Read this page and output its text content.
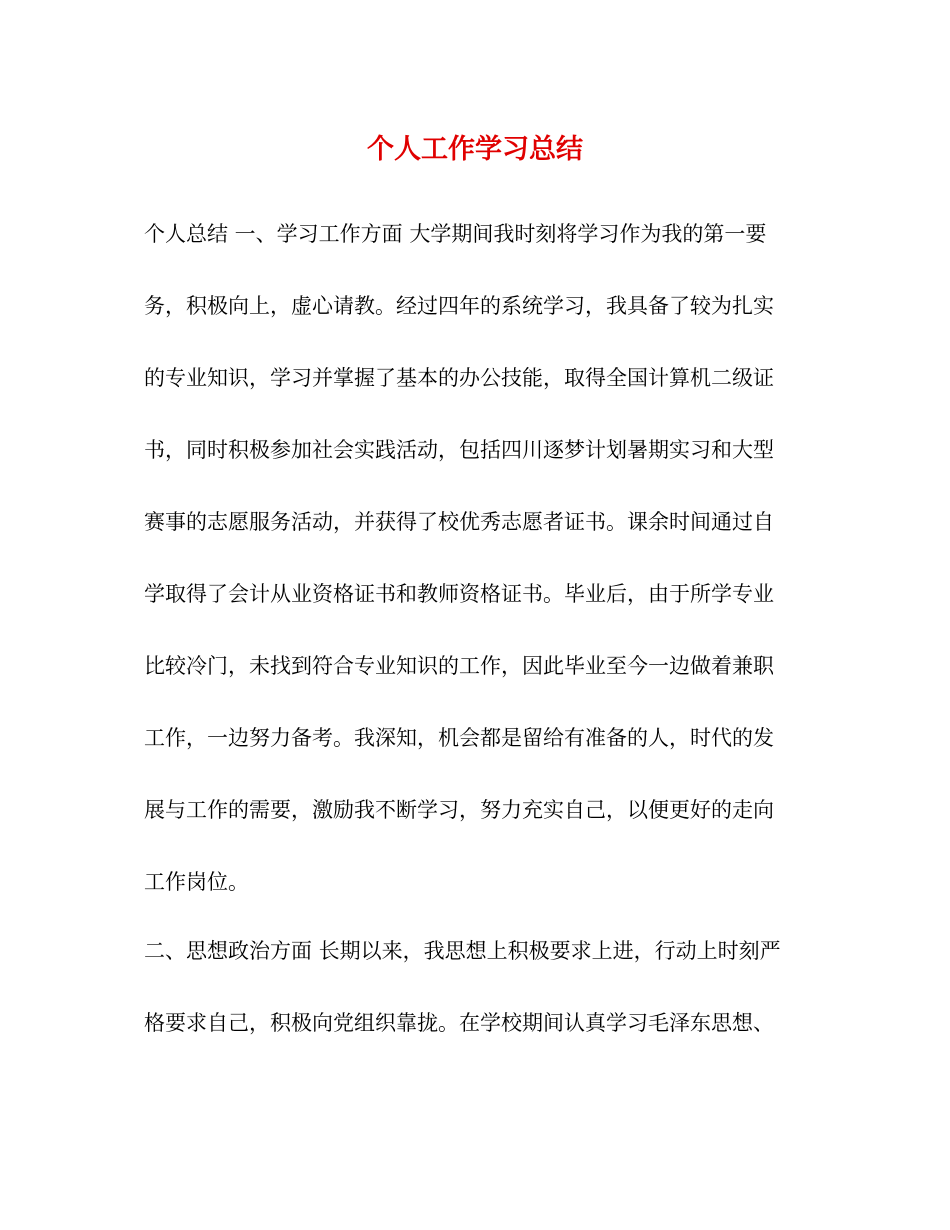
个人工作学习总结

个人总结 一、学习工作方面 大学期间我时刻将学习作为我的第一要

务，积极向上，虚心请教。经过四年的系统学习，我具备了较为扎实

的专业知识，学习并掌握了基本的办公技能，取得全国计算机二级证

书，同时积极参加社会实践活动，包括四川逐梦计划暑期实习和大型

赛事的志愿服务活动，并获得了校优秀志愿者证书。课余时间通过自

学取得了会计从业资格证书和教师资格证书。毕业后，由于所学专业

比较冷门，未找到符合专业知识的工作，因此毕业至今一边做着兼职

工作，一边努力备考。我深知，机会都是留给有准备的人，时代的发

展与工作的需要，激励我不断学习，努力充实自己，以便更好的走向

工作岗位。

二、思想政治方面 长期以来，我思想上积极要求上进，行动上时刻严

格要求自己，积极向党组织靠拢。在学校期间认真学习毛泽东思想、
